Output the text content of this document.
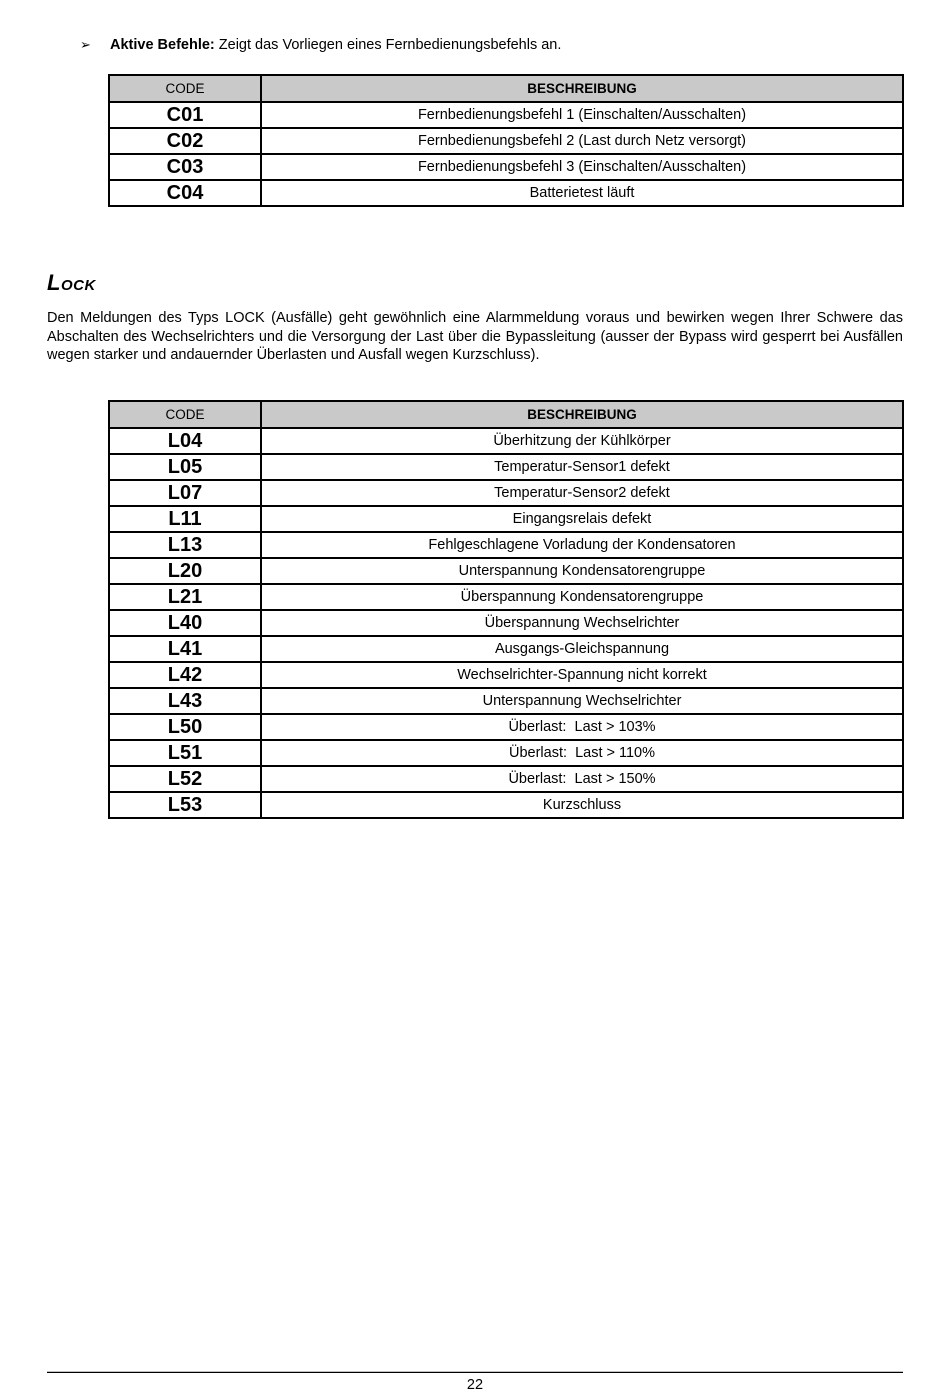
➢ Aktive Befehle: Zeigt das Vorliegen eines Fernbedienungsbefehls an.
CODE	BESCHREIBUNG
C01	Fernbedienungsbefehl 1 (Einschalten/Ausschalten)
C02	Fernbedienungsbefehl 2 (Last durch Netz versorgt)
C03	Fernbedienungsbefehl 3 (Einschalten/Ausschalten)
C04	Batterietest läuft
Lock
Den Meldungen des Typs LOCK (Ausfälle) geht gewöhnlich eine Alarmmeldung voraus und bewirken wegen Ihrer Schwere das Abschalten des Wechselrichters und die Versorgung der Last über die Bypassleitung (ausser der Bypass wird gesperrt bei Ausfällen wegen starker und andauernder Überlasten und Ausfall wegen Kurzschluss).
CODE	BESCHREIBUNG
L04	Überhitzung der Kühlkörper
L05	Temperatur-Sensor1 defekt
L07	Temperatur-Sensor2 defekt
L11	Eingangsrelais defekt
L13	Fehlgeschlagene Vorladung der Kondensatoren
L20	Unterspannung Kondensatorengruppe
L21	Überspannung Kondensatorengruppe
L40	Überspannung Wechselrichter
L41	Ausgangs-Gleichspannung
L42	Wechselrichter-Spannung nicht korrekt
L43	Unterspannung Wechselrichter
L50	Überlast:  Last > 103%
L51	Überlast:  Last > 110%
L52	Überlast:  Last > 150%
L53	Kurzschluss
22
